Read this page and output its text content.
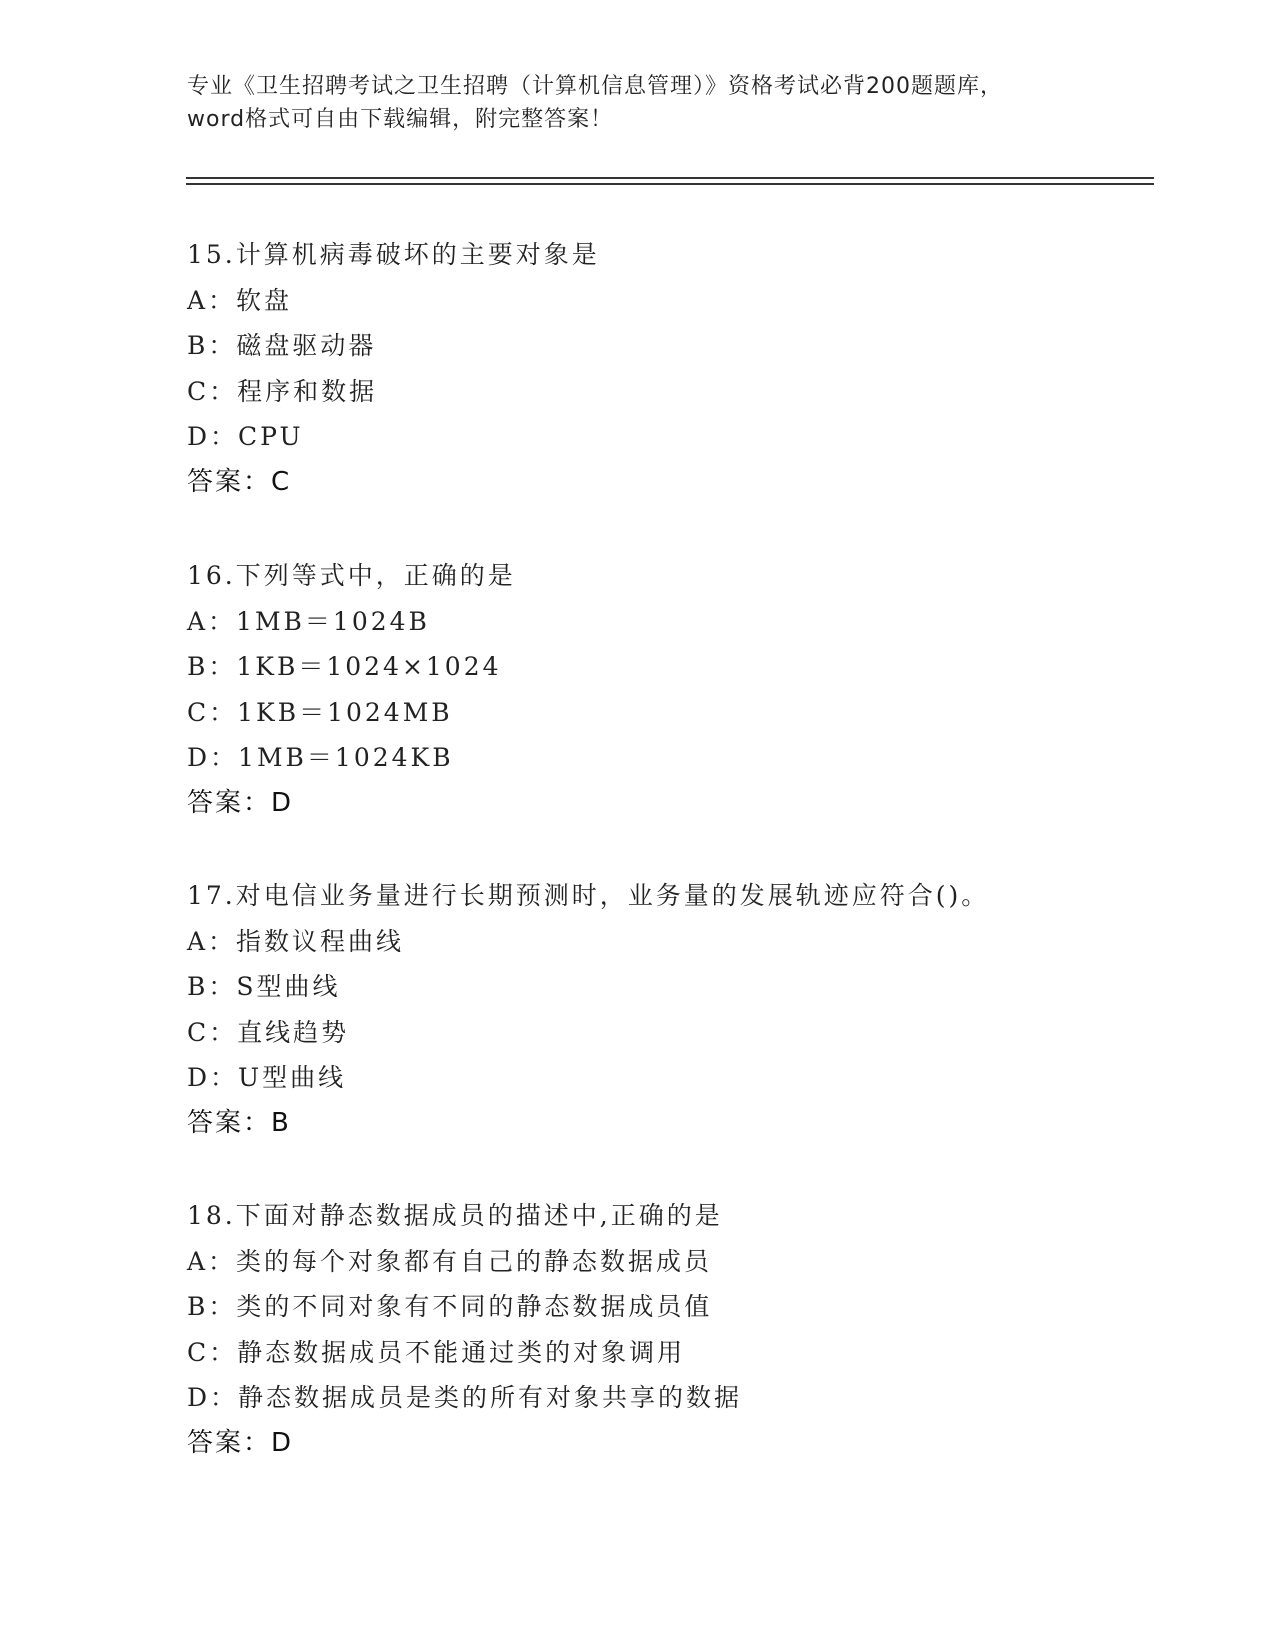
专业《卫生招聘考试之卫生招聘（计算机信息管理）》资格考试必背200题题库，
word格式可自由下载编辑，附完整答案！
15.计算机病毒破坏的主要对象是
A：软盘
B：磁盘驱动器
C：程序和数据
D：CPU
答案：C
16.下列等式中，正确的是
A：1MB＝1024B
B：1KB＝1024×1024
C：1KB＝1024MB
D：1MB＝1024KB
答案：D
17.对电信业务量进行长期预测时，业务量的发展轨迹应符合()。
A：指数议程曲线
B：S型曲线
C：直线趋势
D：U型曲线
答案：B
18.下面对静态数据成员的描述中,正确的是
A：类的每个对象都有自己的静态数据成员
B：类的不同对象有不同的静态数据成员值
C：静态数据成员不能通过类的对象调用
D：静态数据成员是类的所有对象共享的数据
答案：D
